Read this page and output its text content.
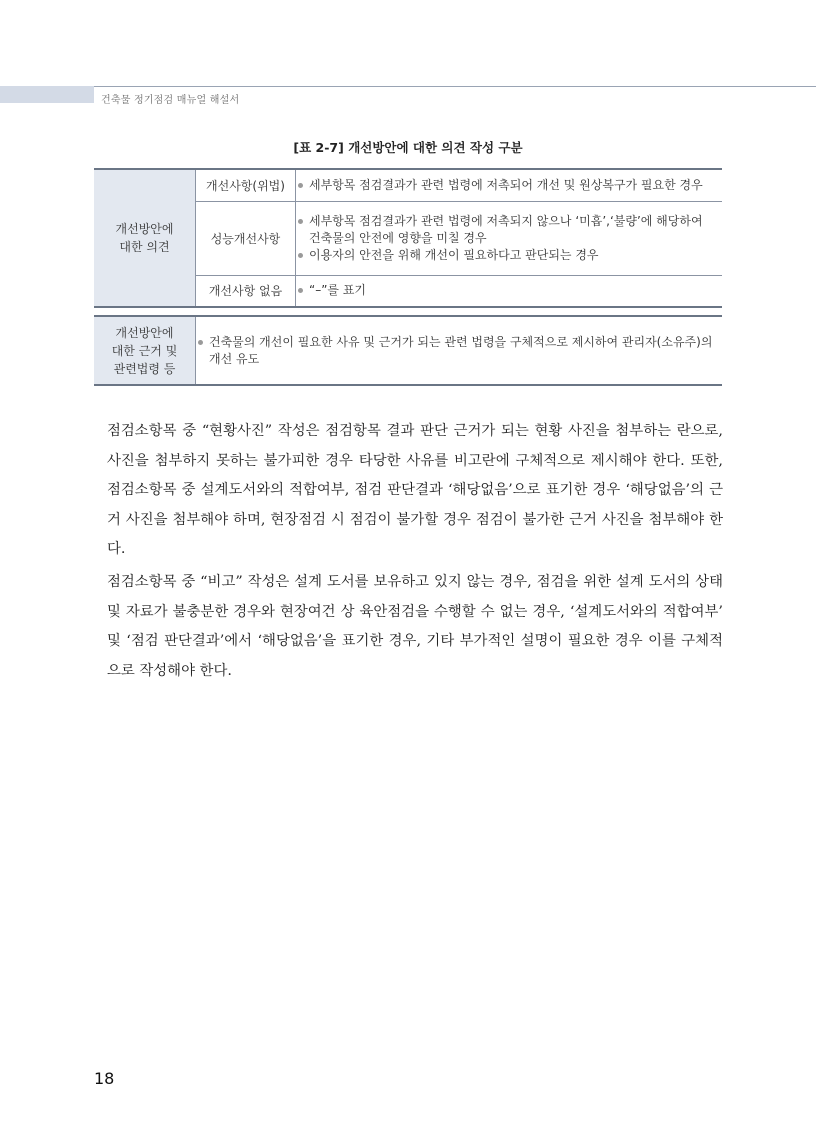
건축물 정기점검 매뉴얼 해설서
[표 2-7] 개선방안에 대한 의견 작성 구분
개선방안에
대한 의견	개선사항(위법)	세부항목 점검결과가 관련 법령에 저촉되어 개선 및 원상복구가 필요한 경우

	성능개선사항	세부항목 점검결과가 관련 법령에 저촉되지 않으나 ‘미흡’,‘불량’에 해당하여
건축물의 안전에 영향을 미칠 경우
이용자의 안전을 위해 개선이 필요하다고 판단되는 경우

	개선사항 없음	“–”를 표기
개선방안에
대한 근거 및
관련법령 등

건축물의 개선이 필요한 사유 및 근거가 되는 관련 법령을 구체적으로 제시하여 관리자(소유주)의
개선 유도

점검소항목 중 “현황사진” 작성은 점검항목 결과 판단 근거가 되는 현황 사진을 첨부하는 란으로, 사진을 첨부하지 못하는 불가피한 경우 타당한 사유를 비고란에 구체적으로 제시해야 한다. 또한, 점검소항목 중 설계도서와의 적합여부, 점검 판단결과 ‘해당없음’으로 표기한 경우 ‘해당없음’의 근거 사진을 첨부해야 하며, 현장점검 시 점검이 불가할 경우 점검이 불가한 근거 사진을 첨부해야 한다.

점검소항목 중 “비고” 작성은 설계 도서를 보유하고 있지 않는 경우, 점검을 위한 설계 도서의 상태 및 자료가 불충분한 경우와 현장여건 상 육안점검을 수행할 수 없는 경우, ‘설계도서와의 적합여부’ 및 ‘점검 판단결과’에서 ‘해당없음’을 표기한 경우, 기타 부가적인 설명이 필요한 경우 이를 구체적으로 작성해야 한다.

18
